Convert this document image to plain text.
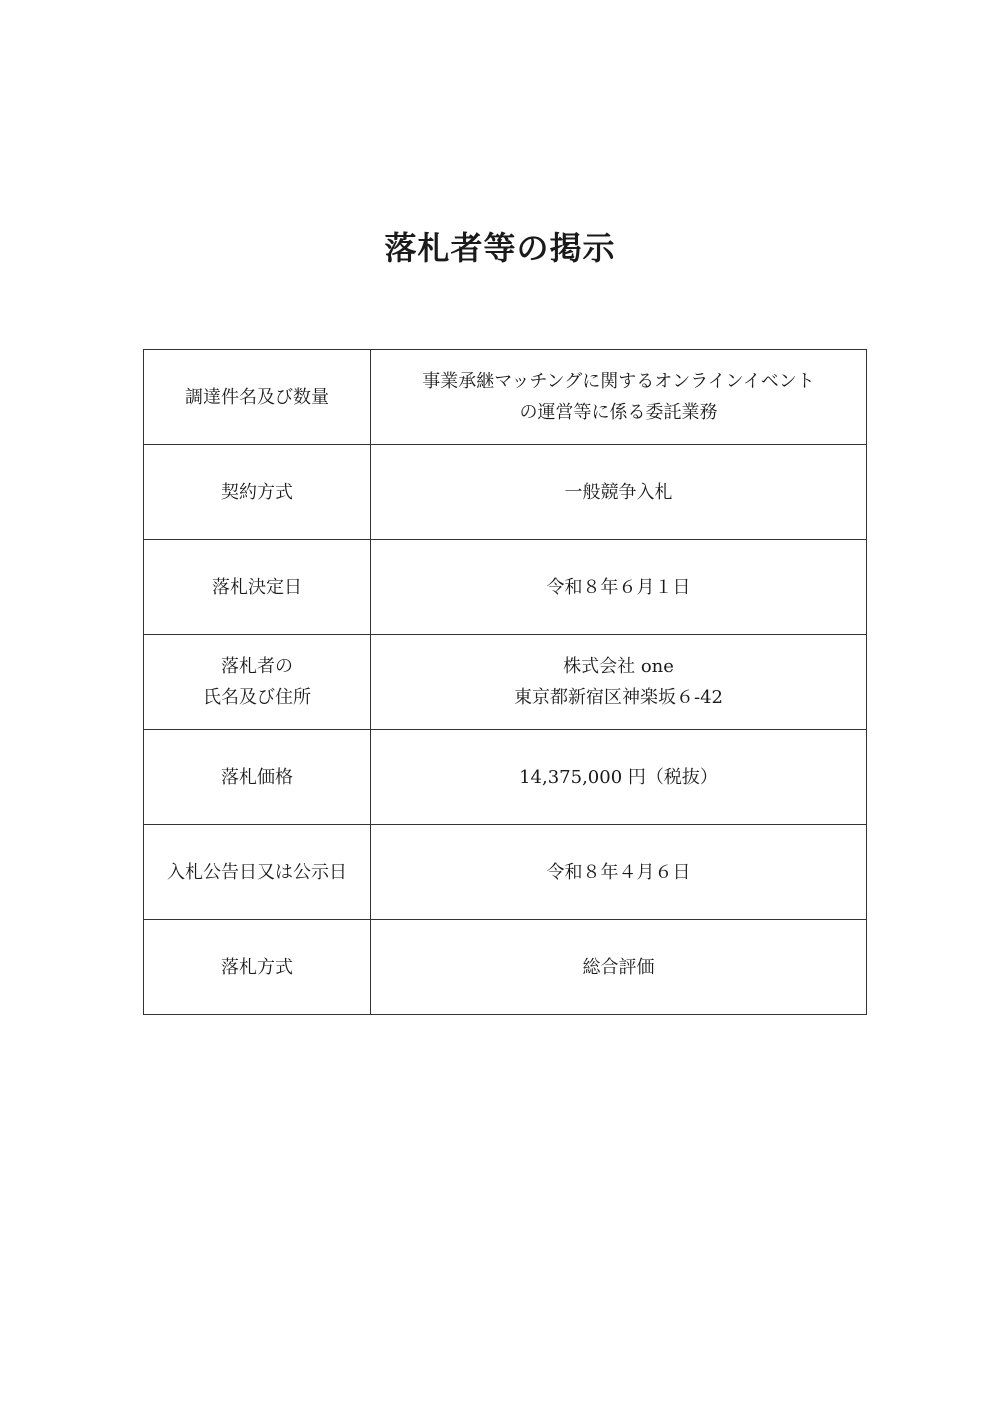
落札者等の掲示
調達件名及び数量	事業承継マッチングに関するオンラインイベント
の運営等に係る委託業務

契約方式	一般競争入札

落札決定日	令和８年６月１日

落札者の
氏名及び住所	株式会社 one
東京都新宿区神楽坂６-42

落札価格	14,375,000 円（税抜）

入札公告日又は公示日	令和８年４月６日

落札方式	総合評価
